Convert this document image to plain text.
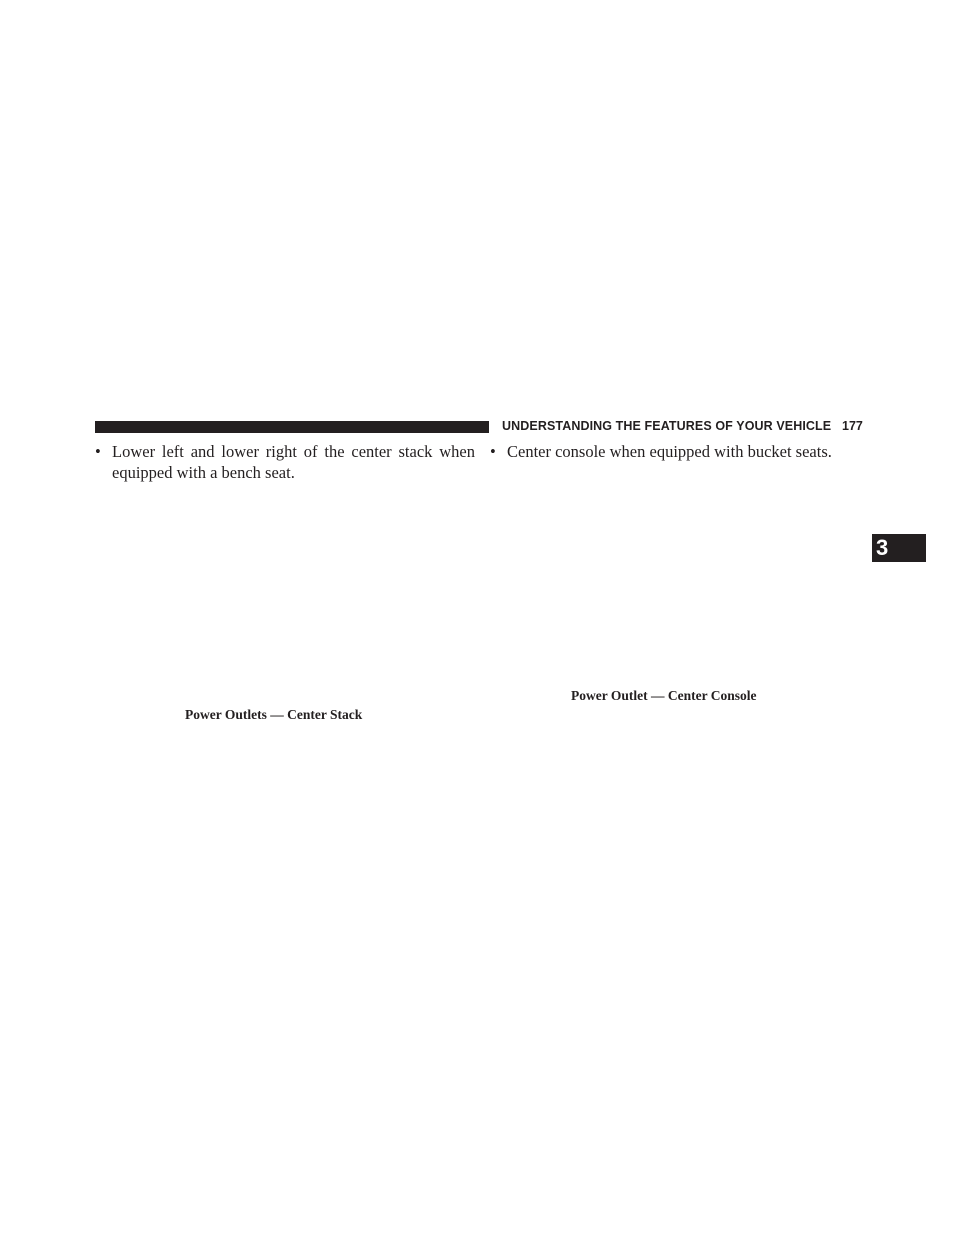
UNDERSTANDING THE FEATURES OF YOUR VEHICLE 177
• Lower left and lower right of the center stack when equipped with a bench seat.
• Center console when equipped with bucket seats.
Power Outlets — Center Stack
Power Outlet — Center Console
3
